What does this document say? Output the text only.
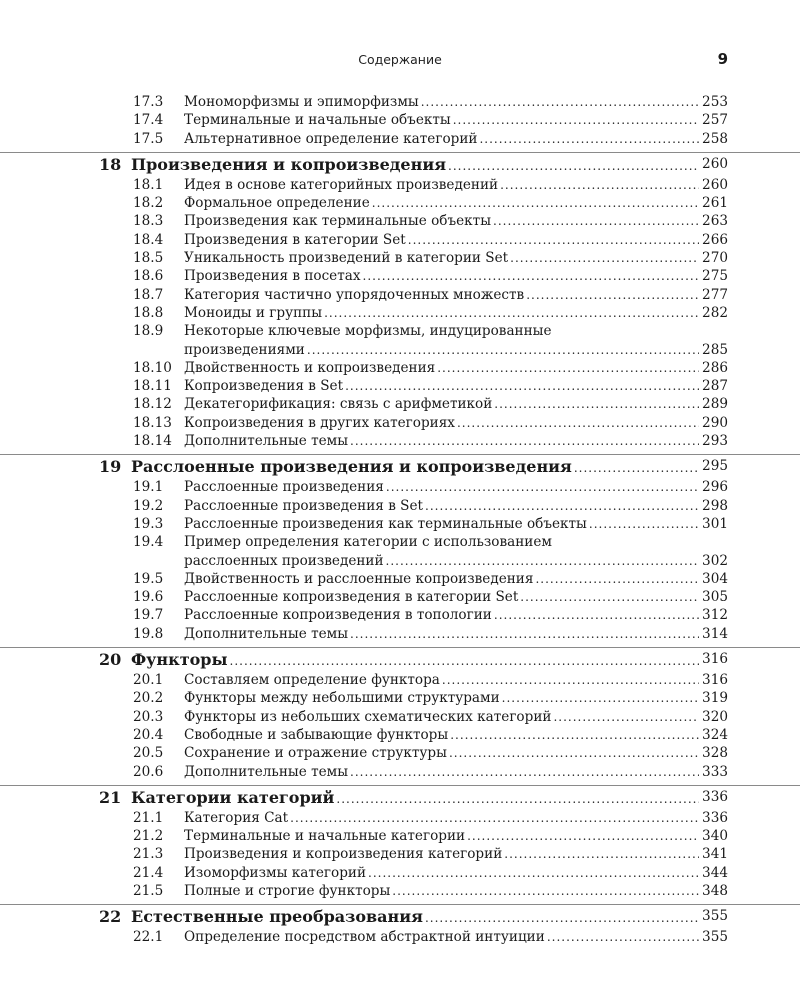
Содержание	9
17.3 Мономорфизмы и эпиморфизмы .....	253
17.4 Терминальные и начальные объекты .....	257
17.5 Альтернативное определение категорий .....	258
18 Произведения и копроизведения .....	260
18.1 Идея в основе категорийных произведений .....	260
18.2 Формальное определение .....	261
18.3 Произведения как терминальные объекты .....	263
18.4 Произведения в категории Set .....	266
18.5 Уникальность произведений в категории Set .....	270
18.6 Произведения в посетах .....	275
18.7 Категория частично упорядоченных множеств .....	277
18.8 Моноиды и группы .....	282
18.9 Некоторые ключевые морфизмы, индуцированные
произведениями .....	285
18.10 Двойственность и копроизведения .....	286
18.11 Копроизведения в Set .....	287
18.12 Декатегорификация: связь с арифметикой .....	289
18.13 Копроизведения в других категориях .....	290
18.14 Дополнительные темы .....	293
19 Расслоенные произведения и копроизведения .....	295
19.1 Расслоенные произведения .....	296
19.2 Расслоенные произведения в Set .....	298
19.3 Расслоенные произведения как терминальные объекты .....	301
19.4 Пример определения категории с использованием
расслоенных произведений .....	302
19.5 Двойственность и расслоенные копроизведения .....	304
19.6 Расслоенные копроизведения в категории Set .....	305
19.7 Расслоенные копроизведения в топологии .....	312
19.8 Дополнительные темы .....	314
20 Функторы .....	316
20.1 Составляем определение функтора .....	316
20.2 Функторы между небольшими структурами .....	319
20.3 Функторы из небольших схематических категорий .....	320
20.4 Свободные и забывающие функторы .....	324
20.5 Сохранение и отражение структуры .....	328
20.6 Дополнительные темы .....	333
21 Категории категорий .....	336
21.1 Категория Cat .....	336
21.2 Терминальные и начальные категории .....	340
21.3 Произведения и копроизведения категорий .....	341
21.4 Изоморфизмы категорий .....	344
21.5 Полные и строгие функторы .....	348
22 Естественные преобразования .....	355
22.1 Определение посредством абстрактной интуиции .....	355
